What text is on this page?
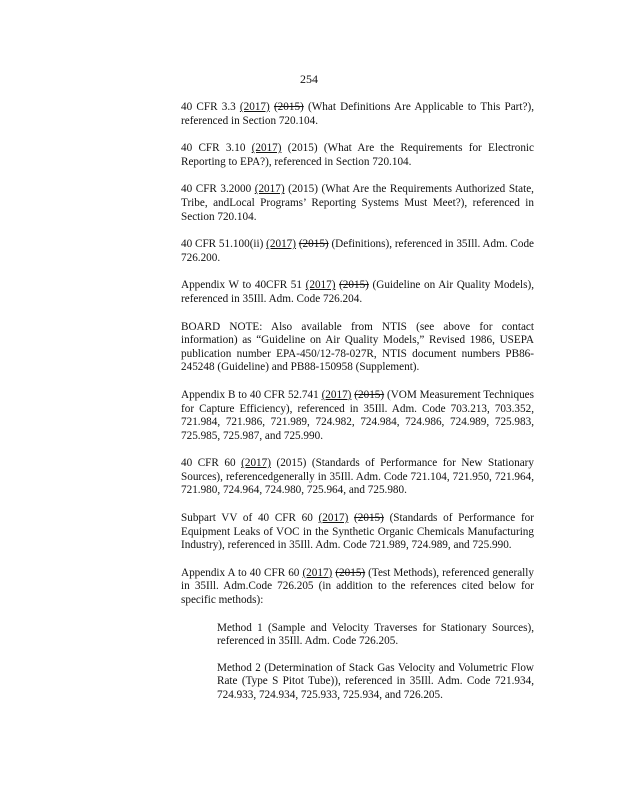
254

40 CFR 3.3 (2017) (2015) (What Definitions Are Applicable to This Part?), referenced in Section 720.104.

40 CFR 3.10 (2017) (2015) (What Are the Requirements for Electronic Reporting to EPA?), referenced in Section 720.104.

40 CFR 3.2000 (2017) (2015) (What Are the Requirements Authorized State, Tribe, andLocal Programs’ Reporting Systems Must Meet?), referenced in Section 720.104.

40 CFR 51.100(ii) (2017) (2015) (Definitions), referenced in 35Ill. Adm. Code 726.200.

Appendix W to 40CFR 51 (2017) (2015) (Guideline on Air Quality Models), referenced in 35Ill. Adm. Code 726.204.

BOARD NOTE: Also available from NTIS (see above for contact information) as “Guideline on Air Quality Models,” Revised 1986, USEPA publication number EPA-450/12-78-027R, NTIS document numbers PB86-245248 (Guideline) and PB88-150958 (Supplement).

Appendix B to 40 CFR 52.741 (2017) (2015) (VOM Measurement Techniques for Capture Efficiency), referenced in 35Ill. Adm. Code 703.213, 703.352, 721.984, 721.986, 721.989, 724.982, 724.984, 724.986, 724.989, 725.983, 725.985, 725.987, and 725.990.

40 CFR 60 (2017) (2015) (Standards of Performance for New Stationary Sources), referencedgenerally in 35Ill. Adm. Code 721.104, 721.950, 721.964, 721.980, 724.964, 724.980, 725.964, and 725.980.

Subpart VV of 40 CFR 60 (2017) (2015) (Standards of Performance for Equipment Leaks of VOC in the Synthetic Organic Chemicals Manufacturing Industry), referenced in 35Ill. Adm. Code 721.989, 724.989, and 725.990.

Appendix A to 40 CFR 60 (2017) (2015) (Test Methods), referenced generally in 35Ill. Adm.Code 726.205 (in addition to the references cited below for specific methods):

Method 1 (Sample and Velocity Traverses for Stationary Sources), referenced in 35Ill. Adm. Code 726.205.

Method 2 (Determination of Stack Gas Velocity and Volumetric Flow Rate (Type S Pitot Tube)), referenced in 35Ill. Adm. Code 721.934, 724.933, 724.934, 725.933, 725.934, and 726.205.
